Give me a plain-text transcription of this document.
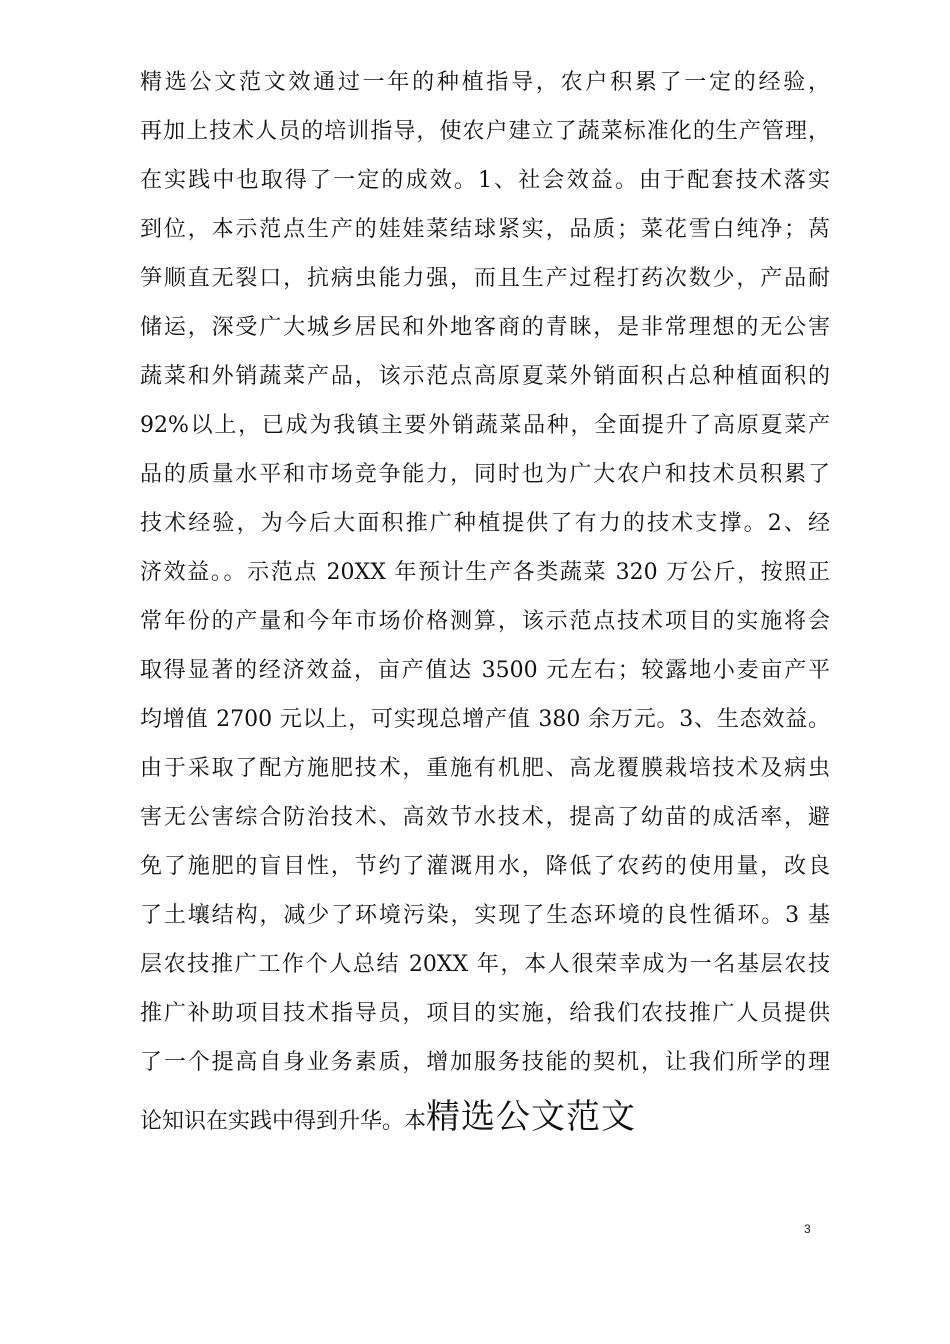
精选公文范文效通过一年的种植指导，农户积累了一定的经验，
再加上技术人员的培训指导，使农户建立了蔬菜标准化的生产管理，
在实践中也取得了一定的成效。1、社会效益。由于配套技术落实
到位，本示范点生产的娃娃菜结球紧实，品质；菜花雪白纯净；莴
笋顺直无裂口，抗病虫能力强，而且生产过程打药次数少，产品耐
储运，深受广大城乡居民和外地客商的青睐，是非常理想的无公害
蔬菜和外销蔬菜产品，该示范点高原夏菜外销面积占总种植面积的
92%以上，已成为我镇主要外销蔬菜品种，全面提升了高原夏菜产
品的质量水平和市场竞争能力，同时也为广大农户和技术员积累了
技术经验，为今后大面积推广种植提供了有力的技术支撑。2、经
济效益。。示范点 20XX 年预计生产各类蔬菜 320 万公斤，按照正
常年份的产量和今年市场价格测算，该示范点技术项目的实施将会
取得显著的经济效益，亩产值达 3500 元左右；较露地小麦亩产平
均增值 2700 元以上，可实现总增产值 380 余万元。3、生态效益。
由于采取了配方施肥技术，重施有机肥、高龙覆膜栽培技术及病虫
害无公害综合防治技术、高效节水技术，提高了幼苗的成活率，避
免了施肥的盲目性，节约了灌溉用水，降低了农药的使用量，改良
了土壤结构，减少了环境污染，实现了生态环境的良性循环。3 基
层农技推广工作个人总结 20XX 年，本人很荣幸成为一名基层农技
推广补助项目技术指导员，项目的实施，给我们农技推广人员提供
了一个提高自身业务素质，增加服务技能的契机，让我们所学的理
论知识在实践中得到升华。本精选公文范文
3
